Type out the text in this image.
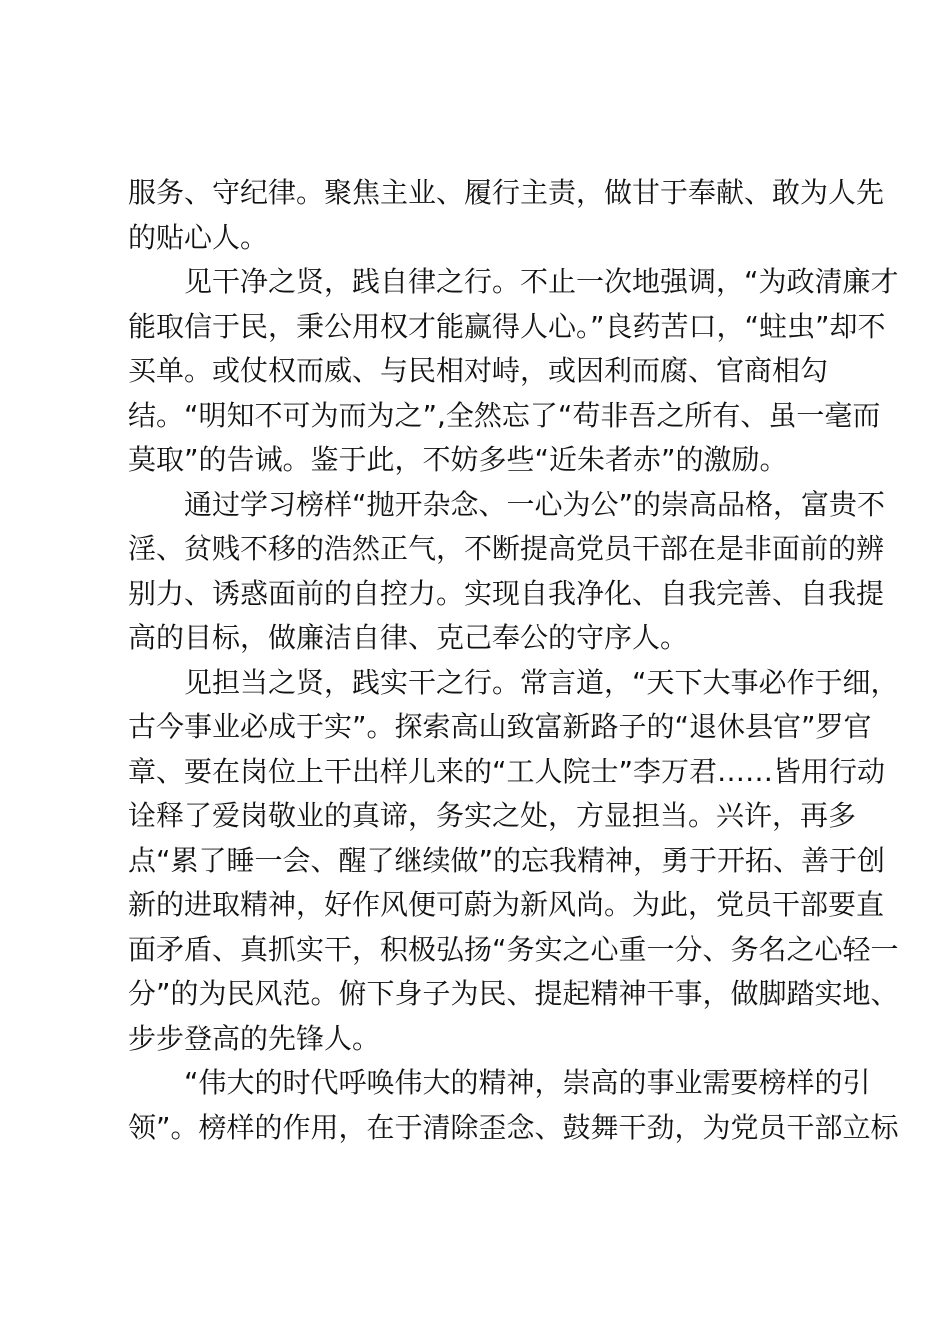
服务、守纪律。聚焦主业、履行主责，做甘于奉献、敢为人先
的贴心人。
见干净之贤，践自律之行。不止一次地强调，“为政清廉才
能取信于民，秉公用权才能赢得人心。”良药苦口，“蛀虫”却不
买单。或仗权而威、与民相对峙，或因利而腐、官商相勾
结。“明知不可为而为之”,全然忘了“苟非吾之所有、虽一毫而
莫取”的告诫。鉴于此，不妨多些“近朱者赤”的激励。
通过学习榜样“抛开杂念、一心为公”的崇高品格，富贵不
淫、贫贱不移的浩然正气，不断提高党员干部在是非面前的辨
别力、诱惑面前的自控力。实现自我净化、自我完善、自我提
高的目标，做廉洁自律、克己奉公的守序人。
见担当之贤，践实干之行。常言道，“天下大事必作于细，
古今事业必成于实”。探索高山致富新路子的“退休县官”罗官
章、要在岗位上干出样儿来的“工人院士”李万君……皆用行动
诠释了爱岗敬业的真谛，务实之处，方显担当。兴许，再多
点“累了睡一会、醒了继续做”的忘我精神，勇于开拓、善于创
新的进取精神，好作风便可蔚为新风尚。为此，党员干部要直
面矛盾、真抓实干，积极弘扬“务实之心重一分、务名之心轻一
分”的为民风范。俯下身子为民、提起精神干事，做脚踏实地、
步步登高的先锋人。
“伟大的时代呼唤伟大的精神，崇高的事业需要榜样的引
领”。榜样的作用，在于清除歪念、鼓舞干劲，为党员干部立标
